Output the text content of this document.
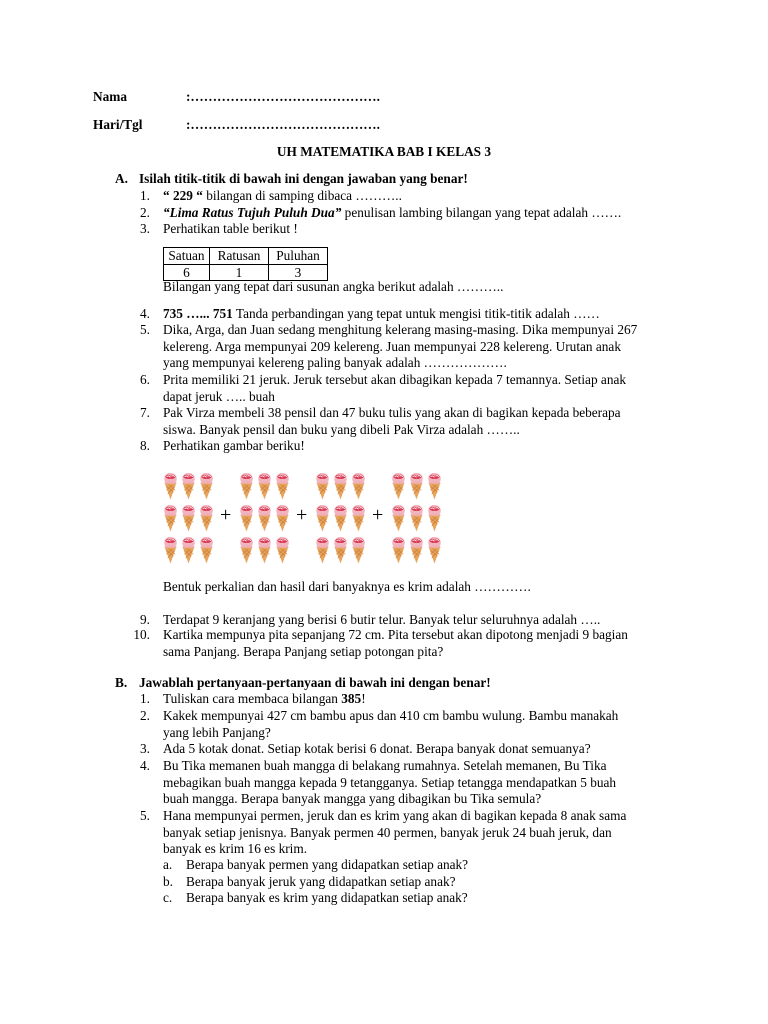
Nama	:…………………………………….
Hari/Tgl	:…………………………………….
UH MATEMATIKA BAB I KELAS 3
A. Isilah titik-titik di bawah ini dengan jawaban yang benar!
1. “ 229 “ bilangan di samping dibaca ………..
2. “Lima Ratus Tujuh Puluh Dua” penulisan lambing bilangan yang tepat adalah …….
3. Perhatikan table berikut !
Satuan	Ratusan	Puluhan
6	1	3
Bilangan yang tepat dari susunan angka berikut adalah ………..
4. 735 …... 751 Tanda perbandingan yang tepat untuk mengisi titik-titik adalah ……
5. Dika, Arga, dan Juan sedang menghitung kelerang masing-masing. Dika mempunyai 267
kelereng. Arga mempunyai 209 kelereng. Juan mempunyai 228 kelereng. Urutan anak
yang mempunyai kelereng paling banyak adalah ……………….
6. Prita memiliki 21 jeruk. Jeruk tersebut akan dibagikan kepada 7 temannya. Setiap anak
dapat jeruk ….. buah
7. Pak Virza membeli 38 pensil dan 47 buku tulis yang akan di bagikan kepada beberapa
siswa. Banyak pensil dan buku yang dibeli Pak Virza adalah ……..
8. Perhatikan gambar beriku!
+	+	+
Bentuk perkalian dan hasil dari banyaknya es krim adalah ………….
9. Terdapat 9 keranjang yang berisi 6 butir telur. Banyak telur seluruhnya adalah …..
10. Kartika mempunya pita sepanjang 72 cm. Pita tersebut akan dipotong menjadi 9 bagian
sama Panjang. Berapa Panjang setiap potongan pita?
B. Jawablah pertanyaan-pertanyaan di bawah ini dengan benar!
1. Tuliskan cara membaca bilangan 385!
2. Kakek mempunyai 427 cm bambu apus dan 410 cm bambu wulung. Bambu manakah
yang lebih Panjang?
3. Ada 5 kotak donat. Setiap kotak berisi 6 donat. Berapa banyak donat semuanya?
4. Bu Tika memanen buah mangga di belakang rumahnya. Setelah memanen, Bu Tika
mebagikan buah mangga kepada 9 tetangganya. Setiap tetangga mendapatkan 5 buah
buah mangga. Berapa banyak mangga yang dibagikan bu Tika semula?
5. Hana mempunyai permen, jeruk dan es krim yang akan di bagikan kepada 8 anak sama
banyak setiap jenisnya. Banyak permen 40 permen, banyak jeruk 24 buah jeruk, dan
banyak es krim 16 es krim.
a.	Berapa banyak permen yang didapatkan setiap anak?
b. Berapa banyak jeruk yang didapatkan setiap anak?
c.	Berapa banyak es krim yang didapatkan setiap anak?
